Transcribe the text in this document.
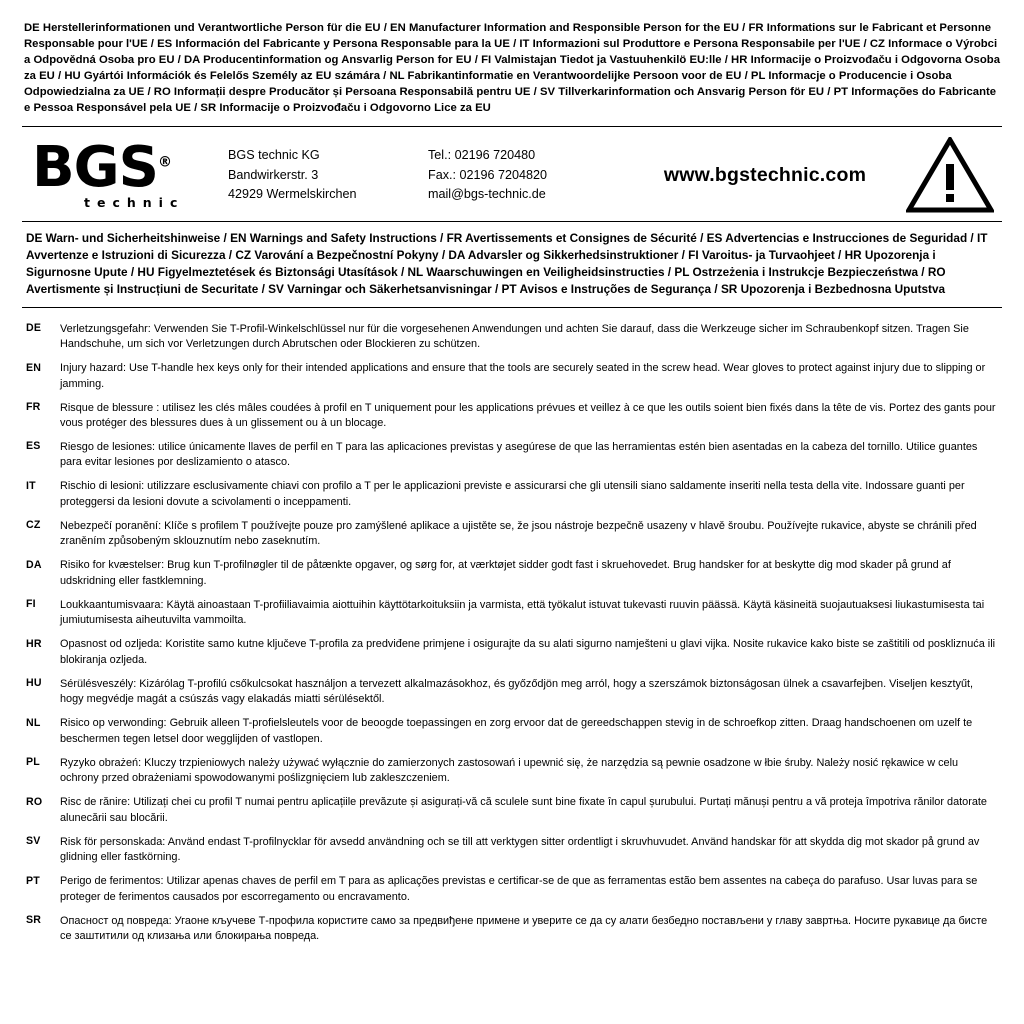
DE Herstellerinformationen und Verantwortliche Person für die EU / EN Manufacturer Information and Responsible Person for the EU / FR Informations sur le Fabricant et Personne Responsable pour l'UE / ES Información del Fabricante y Persona Responsable para la UE / IT Informazioni sul Produttore e Persona Responsabile per l'UE / CZ Informace o Výrobci a Odpovědná Osoba pro EU / DA Producentinformation og Ansvarlig Person for EU / FI Valmistajan Tiedot ja Vastuuhenkilö EU:lle / HR Informacije o Proizvođaču i Odgovorna Osoba za EU / HU Gyártói Információk és Felelős Személy az EU számára / NL Fabrikantinformatie en Verantwoordelijke Persoon voor de EU / PL Informacje o Producencie i Osoba Odpowiedzialna za UE / RO Informații despre Producător și Persoana Responsabilă pentru UE / SV Tillverkarinformation och Ansvarig Person för EU / PT Informações do Fabricante e Pessoa Responsável pela UE / SR Informacije o Proizvođaču i Odgovorno Lice za EU
BGS®
technic
BGS technic KG
Bandwirkerstr. 3
42929 Wermelskirchen
Tel.: 02196 720480
Fax.: 02196 7204820
mail@bgs-technic.de
www.bgstechnic.com
DE Warn- und Sicherheitshinweise / EN Warnings and Safety Instructions / FR Avertissements et Consignes de Sécurité / ES Advertencias e Instrucciones de Seguridad / IT Avvertenze e Istruzioni di Sicurezza / CZ Varování a Bezpečnostní Pokyny / DA Advarsler og Sikkerhedsinstruktioner / FI Varoitus- ja Turvaohjeet / HR Upozorenja i Sigurnosne Upute / HU Figyelmeztetések és Biztonsági Utasítások / NL Waarschuwingen en Veiligheidsinstructies / PL Ostrzeżenia i Instrukcje Bezpieczeństwa / RO Avertismente și Instrucțiuni de Securitate / SV Varningar och Säkerhetsanvisningar / PT Avisos e Instruções de Segurança / SR Upozorenja i Bezbednosna Uputstva
DE	Verletzungsgefahr: Verwenden Sie T-Profil-Winkelschlüssel nur für die vorgesehenen Anwendungen und achten Sie darauf, dass die Werkzeuge sicher im Schraubenkopf sitzen. Tragen Sie Handschuhe, um sich vor Verletzungen durch Abrutschen oder Blockieren zu schützen.
EN	Injury hazard: Use T-handle hex keys only for their intended applications and ensure that the tools are securely seated in the screw head. Wear gloves to protect against injury due to slipping or jamming.
FR	Risque de blessure : utilisez les clés mâles coudées à profil en T uniquement pour les applications prévues et veillez à ce que les outils soient bien fixés dans la tête de vis. Portez des gants pour vous protéger des blessures dues à un glissement ou à un blocage.
ES	Riesgo de lesiones: utilice únicamente llaves de perfil en T para las aplicaciones previstas y asegúrese de que las herramientas estén bien asentadas en la cabeza del tornillo. Utilice guantes para evitar lesiones por deslizamiento o atasco.
IT	Rischio di lesioni: utilizzare esclusivamente chiavi con profilo a T per le applicazioni previste e assicurarsi che gli utensili siano saldamente inseriti nella testa della vite. Indossare guanti per proteggersi da lesioni dovute a scivolamenti o inceppamenti.
CZ	Nebezpečí poranění: Klíče s profilem T používejte pouze pro zamýšlené aplikace a ujistěte se, že jsou nástroje bezpečně usazeny v hlavě šroubu. Používejte rukavice, abyste se chránili před zraněním způsobeným sklouznutím nebo zaseknutím.
DA	Risiko for kvæstelser: Brug kun T-profilnøgler til de påtænkte opgaver, og sørg for, at værktøjet sidder godt fast i skruehovedet. Brug handsker for at beskytte dig mod skader på grund af udskridning eller fastklemning.
FI	Loukkaantumisvaara: Käytä ainoastaan T-profiiliavaimia aiottuihin käyttötarkoituksiin ja varmista, että työkalut istuvat tukevasti ruuvin päässä. Käytä käsineitä suojautuaksesi liukastumisesta tai jumiutumisesta aiheutuvilta vammoilta.
HR	Opasnost od ozljeda: Koristite samo kutne ključeve T-profila za predviđene primjene i osigurajte da su alati sigurno namješteni u glavi vijka. Nosite rukavice kako biste se zaštitili od poskliznuća ili blokiranja ozljeda.
HU	Sérülésveszély: Kizárólag T-profilú csőkulcsokat használjon a tervezett alkalmazásokhoz, és győződjön meg arról, hogy a szerszámok biztonságosan ülnek a csavarfejben. Viseljen kesztyűt, hogy megvédje magát a csúszás vagy elakadás miatti sérülésektől.
NL	Risico op verwonding: Gebruik alleen T-profielsleutels voor de beoogde toepassingen en zorg ervoor dat de gereedschappen stevig in de schroefkop zitten. Draag handschoenen om uzelf te beschermen tegen letsel door wegglijden of vastlopen.
PL	Ryzyko obrażeń: Kluczy trzpieniowych należy używać wyłącznie do zamierzonych zastosowań i upewnić się, że narzędzia są pewnie osadzone w łbie śruby. Należy nosić rękawice w celu ochrony przed obrażeniami spowodowanymi poślizgnięciem lub zakleszczeniem.
RO	Risc de rănire: Utilizați chei cu profil T numai pentru aplicațiile prevăzute și asigurați-vă că sculele sunt bine fixate în capul șurubului. Purtați mănuși pentru a vă proteja împotriva rănilor datorate alunecării sau blocării.
SV	Risk för personskada: Använd endast T-profilnycklar för avsedd användning och se till att verktygen sitter ordentligt i skruvhuvudet. Använd handskar för att skydda dig mot skador på grund av glidning eller fastkörning.
PT	Perigo de ferimentos: Utilizar apenas chaves de perfil em T para as aplicações previstas e certificar-se de que as ferramentas estão bem assentes na cabeça do parafuso. Usar luvas para se proteger de ferimentos causados por escorregamento ou encravamento.
SR	Опасност од повреда: Угаоне кључеве Т-профила користите само за предвиђене примене и уверите се да су алати безбедно постављени у главу завртња. Носите рукавице да бисте се заштитили од клизања или блокирања повреда.
